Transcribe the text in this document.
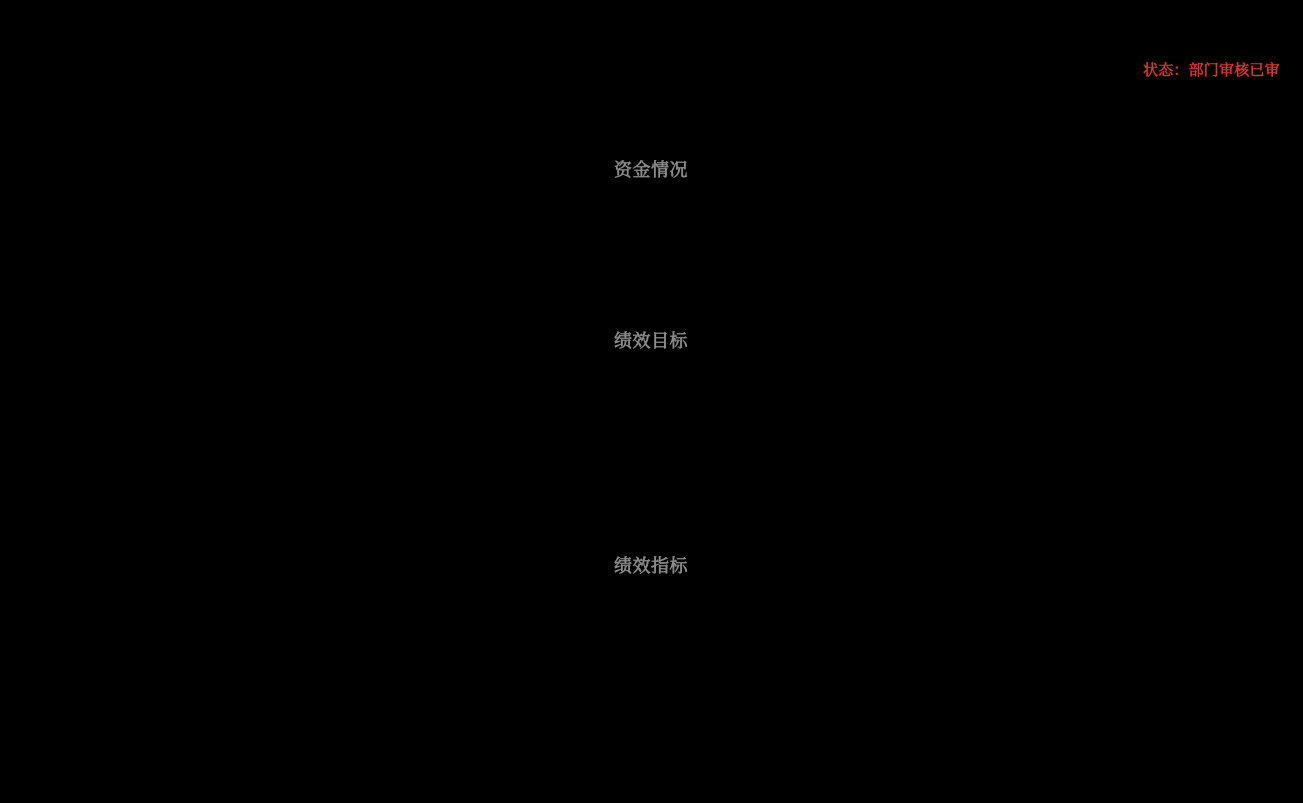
状态：部门审核已审
资金情况
绩效目标
绩效指标
